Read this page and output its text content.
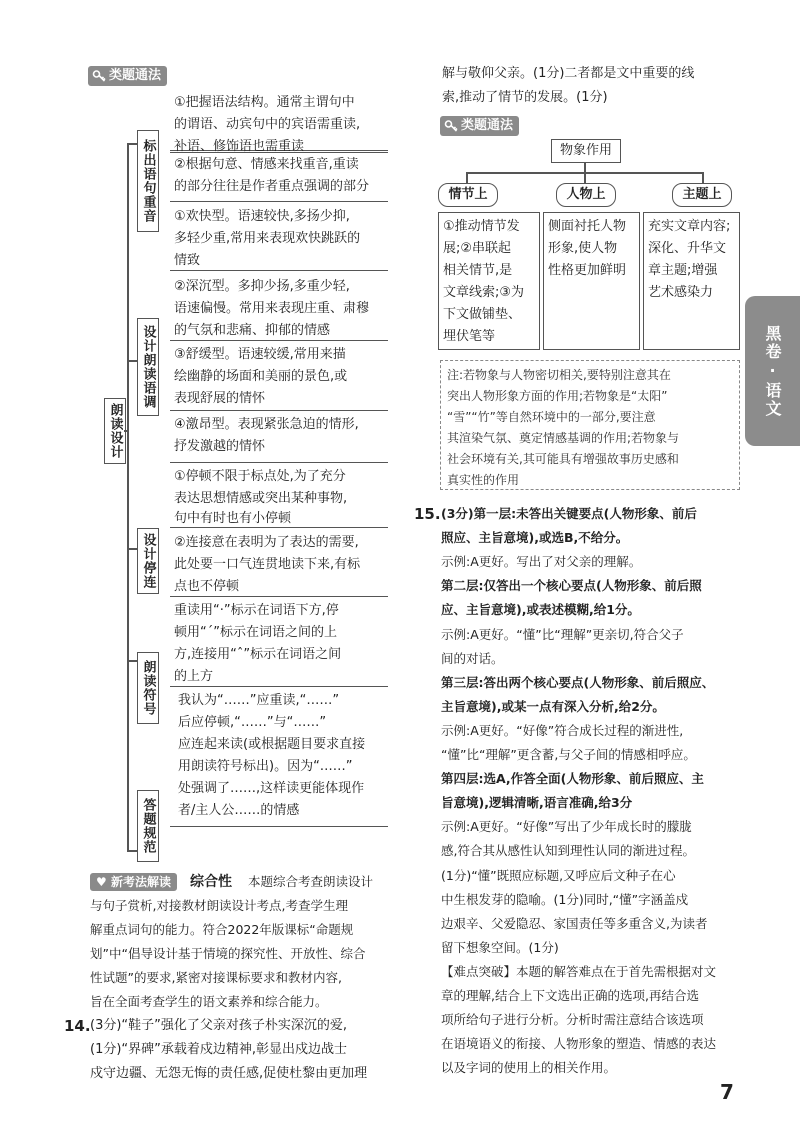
类题通法
朗读设计
标出语句重音
①把握语法结构。通常主谓句中
的谓语、动宾句中的宾语需重读,
补语、修饰语也需重读
②根据句意、情感来找重音,重读
的部分往往是作者重点强调的部分
设计朗读语调
①欢快型。语速较快,多扬少抑,
多轻少重,常用来表现欢快跳跃的
情致
②深沉型。多抑少扬,多重少轻,
语速偏慢。常用来表现庄重、肃穆
的气氛和悲痛、抑郁的情感
③舒缓型。语速较缓,常用来描
绘幽静的场面和美丽的景色,或
表现舒展的情怀
④激昂型。表现紧张急迫的情形,
抒发激越的情怀
设计停连
①停顿不限于标点处,为了充分
表达思想情感或突出某种事物,
句中有时也有小停顿
②连接意在表明为了表达的需要,
此处要一口气连贯地读下来,有标
点也不停顿
朗读符号
重读用“·”标示在词语下方,停
顿用“ˊ”标示在词语之间的上
方,连接用“ˆ”标示在词语之间
的上方
答题规范
我认为“……”应重读,“……”
后应停顿,“……”与“……”
应连起来读(或根据题目要求直接
用朗读符号标出)。因为“……”
处强调了……,这样读更能体现作
者/主人公……的情感
♥ 新考法解读	综合性 本题综合考查朗读设计
与句子赏析,对接教材朗读设计考点,考查学生理
解重点词句的能力。符合2022年版课标“命题规
划”中“倡导设计基于情境的探究性、开放性、综合
性试题”的要求,紧密对接课标要求和教材内容,
旨在全面考查学生的语文素养和综合能力。
14. (3分)“鞋子”强化了父亲对孩子朴实深沉的爱,
(1分)“界碑”承载着戍边精神,彰显出戍边战士
戍守边疆、无怨无悔的责任感,促使杜黎由更加理
解与敬仰父亲。(1分)二者都是文中重要的线
索,推动了情节的发展。(1分)
类题通法
物象作用
情节上	人物上	主题上
①推动情节发
展;②串联起
相关情节,是
文章线索;③为
下文做铺垫、
埋伏笔等
侧面衬托人物
形象,使人物
性格更加鲜明
充实文章内容;
深化、升华文
章主题;增强
艺术感染力
注:若物象与人物密切相关,要特别注意其在
突出人物形象方面的作用;若物象是“太阳”
“雪”“竹”等自然环境中的一部分,要注意
其渲染气氛、奠定情感基调的作用;若物象与
社会环境有关,其可能具有增强故事历史感和
真实性的作用
15. (3分)第一层:未答出关键要点(人物形象、前后
照应、主旨意境),或选B,不给分。
示例:A更好。写出了对父亲的理解。
第二层:仅答出一个核心要点(人物形象、前后照
应、主旨意境),或表述模糊,给1分。
示例:A更好。“懂”比“理解”更亲切,符合父子
间的对话。
第三层:答出两个核心要点(人物形象、前后照应、
主旨意境),或某一点有深入分析,给2分。
示例:A更好。“好像”符合成长过程的渐进性,
“懂”比“理解”更含蓄,与父子间的情感相呼应。
第四层:选A,作答全面(人物形象、前后照应、主
旨意境),逻辑清晰,语言准确,给3分
示例:A更好。“好像”写出了少年成长时的朦胧
感,符合其从感性认知到理性认同的渐进过程。
(1分)“懂”既照应标题,又呼应后文种子在心
中生根发芽的隐喻。(1分)同时,“懂”字涵盖戍
边艰辛、父爱隐忍、家国责任等多重含义,为读者
留下想象空间。(1分)
【难点突破】本题的解答难点在于首先需根据对文
章的理解,结合上下文选出正确的选项,再结合选
项所给句子进行分析。分析时需注意结合该选项
在语境语义的衔接、人物形象的塑造、情感的表达
以及字词的使用上的相关作用。
黑卷·语文
7
